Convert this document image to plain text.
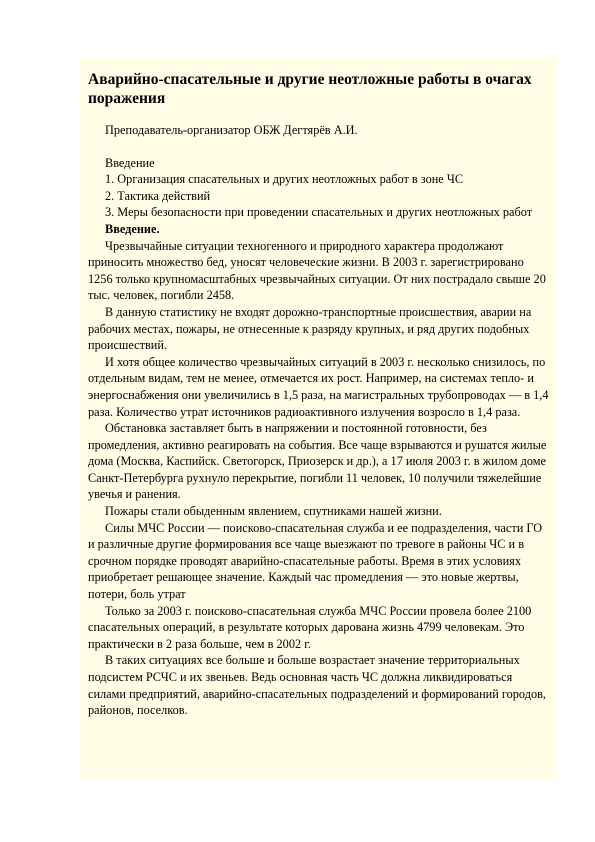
Аварийно-спасательные и другие неотложные работы в очагах поражения

Преподаватель-организатор ОБЖ Дегтярёв А.И.

Введение

1. Организация спасательных и других неотложных работ в зоне ЧС

2. Тактика действий

3. Меры безопасности при проведении спасательных и других неотложных работ

Введение.

Чрезвычайные ситуации техногенного и природного характера продолжают приносить множество бед, уносят человеческие жизни. В 2003 г. зарегистрировано 1256 только крупномасштабных чрезвычайных ситуации. От них пострадало свыше 20 тыс. человек, погибли 2458.

В данную статистику не входят дорожно-транспортные происшествия, аварии на рабочих местах, пожары, не отнесенные к разряду крупных, и ряд других подобных происшествий.

И хотя общее количество чрезвычайных ситуаций в 2003 г. несколько снизилось, по отдельным видам, тем не менее, отмечается их рост. Например, на системах тепло- и энергоснабжения они увеличились в 1,5 раза, на магистральных трубопроводах — в 1,4 раза. Количество утрат источников радиоактивного излучения возросло в 1,4 раза.

Обстановка заставляет быть в напряжении и постоянной готовности, без промедления, активно реагировать на события. Все чаще взрываются и рушатся жилые дома (Москва, Каспийск. Светогорск, Приозерск и др.), а 17 июля 2003 г. в жилом доме Санкт-Петербурга рухнуло перекрытие, погибли 11 человек, 10 получили тяжелейшие увечья и ранения.

Пожары стали обыденным явлением, спутниками нашей жизни.

Силы МЧС России — поисково-спасательная служба и ее подразделения, части ГО и различные другие формирования все чаще выезжают по тревоге в районы ЧС и в срочном порядке проводят аварийно-спасательные работы. Время в этих условиях приобретает решающее значение. Каждый час промедления — это новые жертвы, потери, боль утрат

Только за 2003 г. поисково-спасательная служба МЧС России провела более 2100 спасательных операций, в результате которых дарована жизнь 4799 человекам. Это практически в 2 раза больше, чем в 2002 г.

В таких ситуациях все больше и больше возрастает значение территориальных подсистем РСЧС и их звеньев. Ведь основная часть ЧС должна ликвидироваться силами предприятий, аварийно-спасательных подразделений и формирований городов, районов, поселков.
